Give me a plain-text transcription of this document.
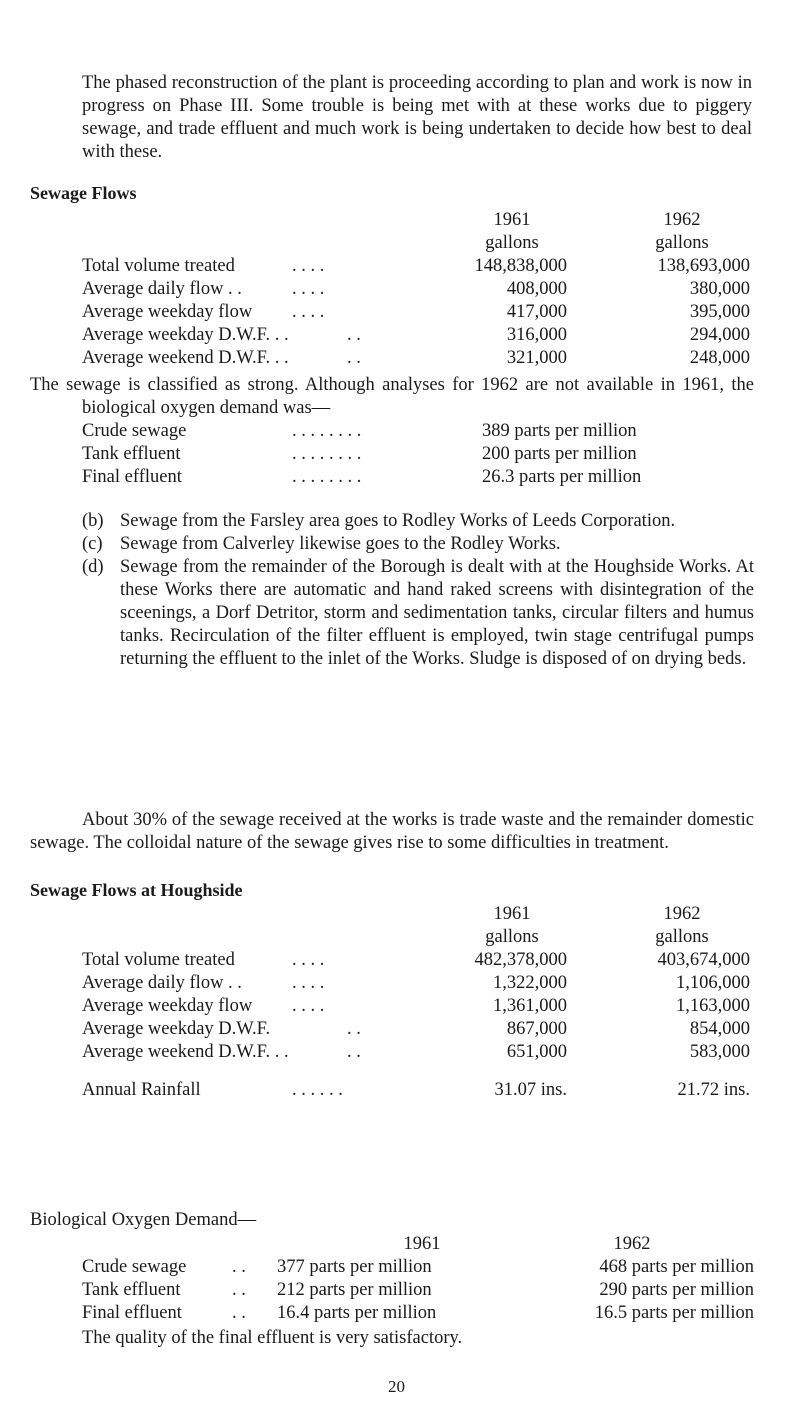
The phased reconstruction of the plant is proceeding according to plan and work is now in progress on Phase III. Some trouble is being met with at these works due to piggery sewage, and trade effluent and much work is being undertaken to decide how best to deal with these.
Sewage Flows
1961	1962
gallons	gallons
Total volume treated	. . . .	148,838,000	138,693,000
Average daily flow . .	. . . .	408,000	380,000
Average weekday flow . . . .	417,000	395,000
Average weekday D.W.F. . .	. .	316,000	294,000
Average weekend D.W.F. . .	. .	321,000	248,000
The sewage is classified as strong. Although analyses for 1962 are not available in 1961, the biological oxygen demand was—
Crude sewage	. . . . . . . .	389 parts per million
Tank effluent	. . . . . . . .	200 parts per million
Final effluent	. . . . . . . .	26.3 parts per million
(b) Sewage from the Farsley area goes to Rodley Works of Leeds Corporation.
(c) Sewage from Calverley likewise goes to the Rodley Works.
(d) Sewage from the remainder of the Borough is dealt with at the Houghside Works. At these Works there are automatic and hand raked screens with disintegration of the sceenings, a Dorf Detritor, storm and sedimentation tanks, circular filters and humus tanks. Recirculation of the filter effluent is employed, twin stage centrifugal pumps returning the effluent to the inlet of the Works. Sludge is disposed of on drying beds.
About 30% of the sewage received at the works is trade waste and the remainder domestic sewage. The colloidal nature of the sewage gives rise to some difficulties in treatment.
Sewage Flows at Houghside
1961	1962
gallons	gallons
Total volume treated	. . . .	482,378,000	403,674,000
Average daily flow . .	. . . .	1,322,000	1,106,000
Average weekday flow . . . .	1,361,000	1,163,000
Average weekday D.W.F.	. .	867,000	854,000
Average weekend D.W.F. . .	. .	651,000	583,000
Annual Rainfall	. . . . . .	31.07 ins.	21.72 ins.
Biological Oxygen Demand—
1961	1962
Crude sewage . . 377 parts per million	468 parts per million
Tank effluent	. . 212 parts per million	290 parts per million
Final effluent	. . 16.4 parts per million	16.5 parts per million
The quality of the final effluent is very satisfactory.
20
